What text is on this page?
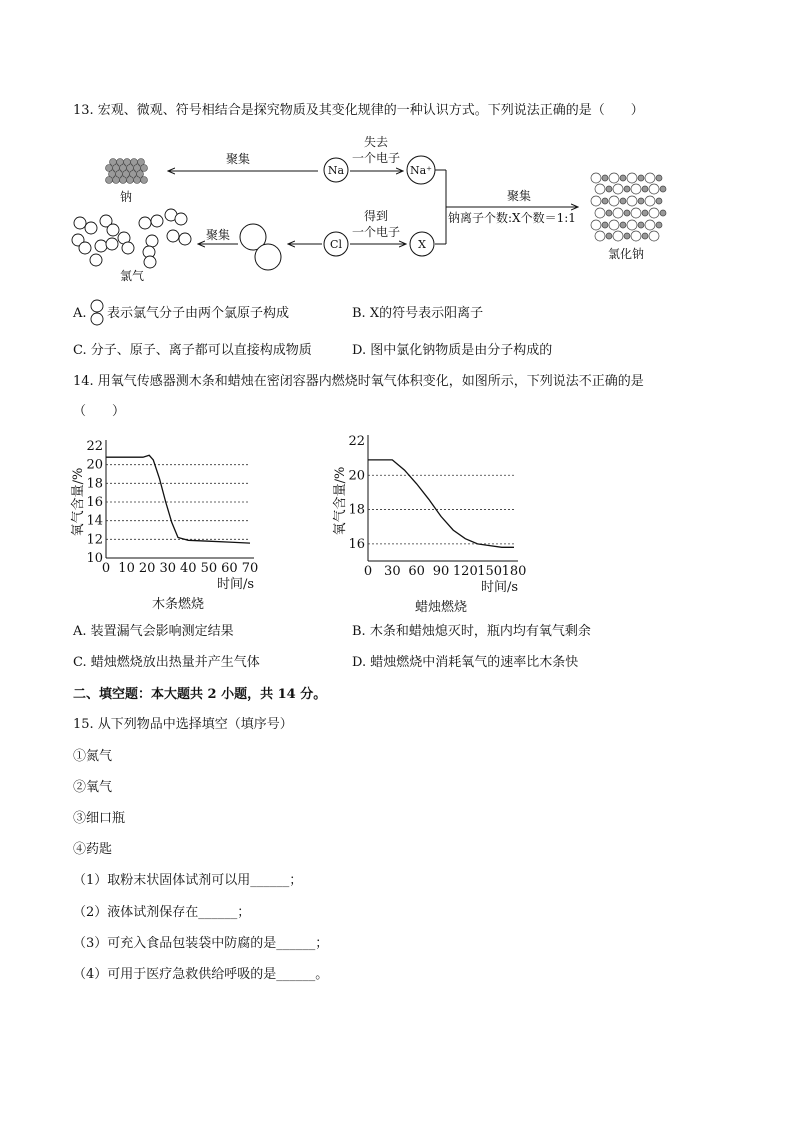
13. 宏观、微观、符号相结合是探究物质及其变化规律的一种认识方式。下列说法正确的是（　　）
钠
聚集
Na
失去
一个电子
Na⁺
聚集
钠离子个数:X个数＝1:1
氯化钠
Cl
得到
一个电子
X
聚集
氯气
A. 表示氯气分子由两个氯原子构成	B. X的符号表示阳离子
C. 分子、原子、离子都可以直接构成物质	D. 图中氯化钠物质是由分子构成的
14. 用氧气传感器测木条和蜡烛在密闭容器内燃烧时氧气体积变化，如图所示，下列说法不正确的是
（　　）
10
12
14
16
18
20
22
0 10 20 30 40 50 60 70
时间/s
氧气含量/%
木条燃烧
16
18
20
22
0 30 60 90 120 150 180
时间/s
氧气含量/%
蜡烛燃烧
A. 装置漏气会影响测定结果	B. 木条和蜡烛熄灭时，瓶内均有氧气剩余
C. 蜡烛燃烧放出热量并产生气体	D. 蜡烛燃烧中消耗氧气的速率比木条快
二、填空题：本大题共 2 小题，共 14 分。
15. 从下列物品中选择填空（填序号）
①氮气
②氧气
③细口瓶
④药匙
（1）取粉末状固体试剂可以用______；
（2）液体试剂保存在______；
（3）可充入食品包装袋中防腐的是______；
（4）可用于医疗急救供给呼吸的是______。
